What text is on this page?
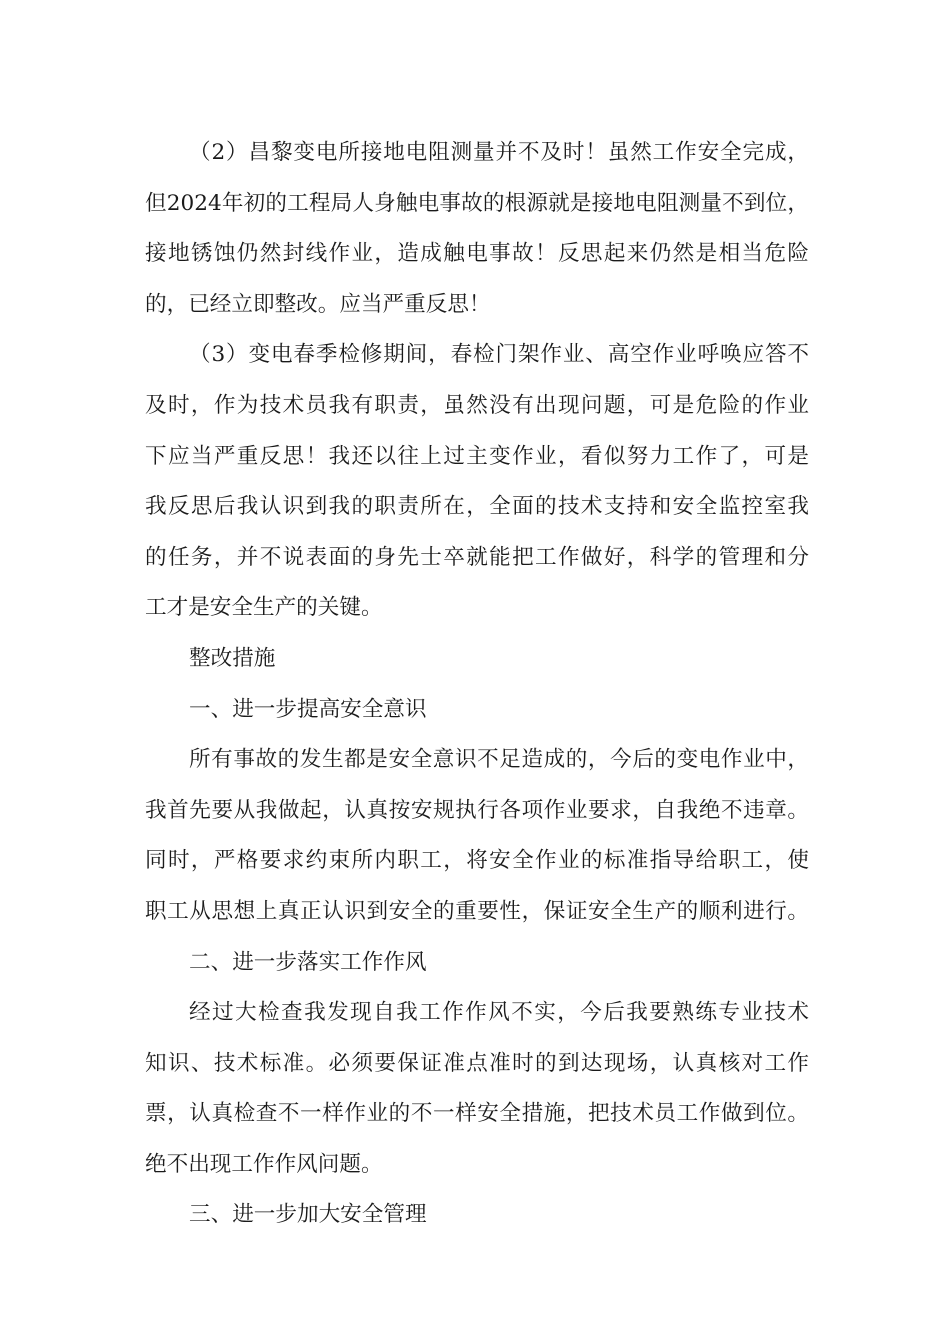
（2）昌黎变电所接地电阻测量并不及时！虽然工作安全完成，
但2024年初的工程局人身触电事故的根源就是接地电阻测量不到位，
接地锈蚀仍然封线作业，造成触电事故！反思起来仍然是相当危险
的，已经立即整改。应当严重反思！
（3）变电春季检修期间，春检门架作业、高空作业呼唤应答不
及时，作为技术员我有职责，虽然没有出现问题，可是危险的作业
下应当严重反思！我还以往上过主变作业，看似努力工作了，可是
我反思后我认识到我的职责所在，全面的技术支持和安全监控室我
的任务，并不说表面的身先士卒就能把工作做好，科学的管理和分
工才是安全生产的关键。
整改措施
一、进一步提高安全意识
所有事故的发生都是安全意识不足造成的，今后的变电作业中，
我首先要从我做起，认真按安规执行各项作业要求，自我绝不违章。
同时，严格要求约束所内职工，将安全作业的标准指导给职工，使
职工从思想上真正认识到安全的重要性，保证安全生产的顺利进行。
二、进一步落实工作作风
经过大检查我发现自我工作作风不实，今后我要熟练专业技术
知识、技术标准。必须要保证准点准时的到达现场，认真核对工作
票，认真检查不一样作业的不一样安全措施，把技术员工作做到位。
绝不出现工作作风问题。
三、进一步加大安全管理
